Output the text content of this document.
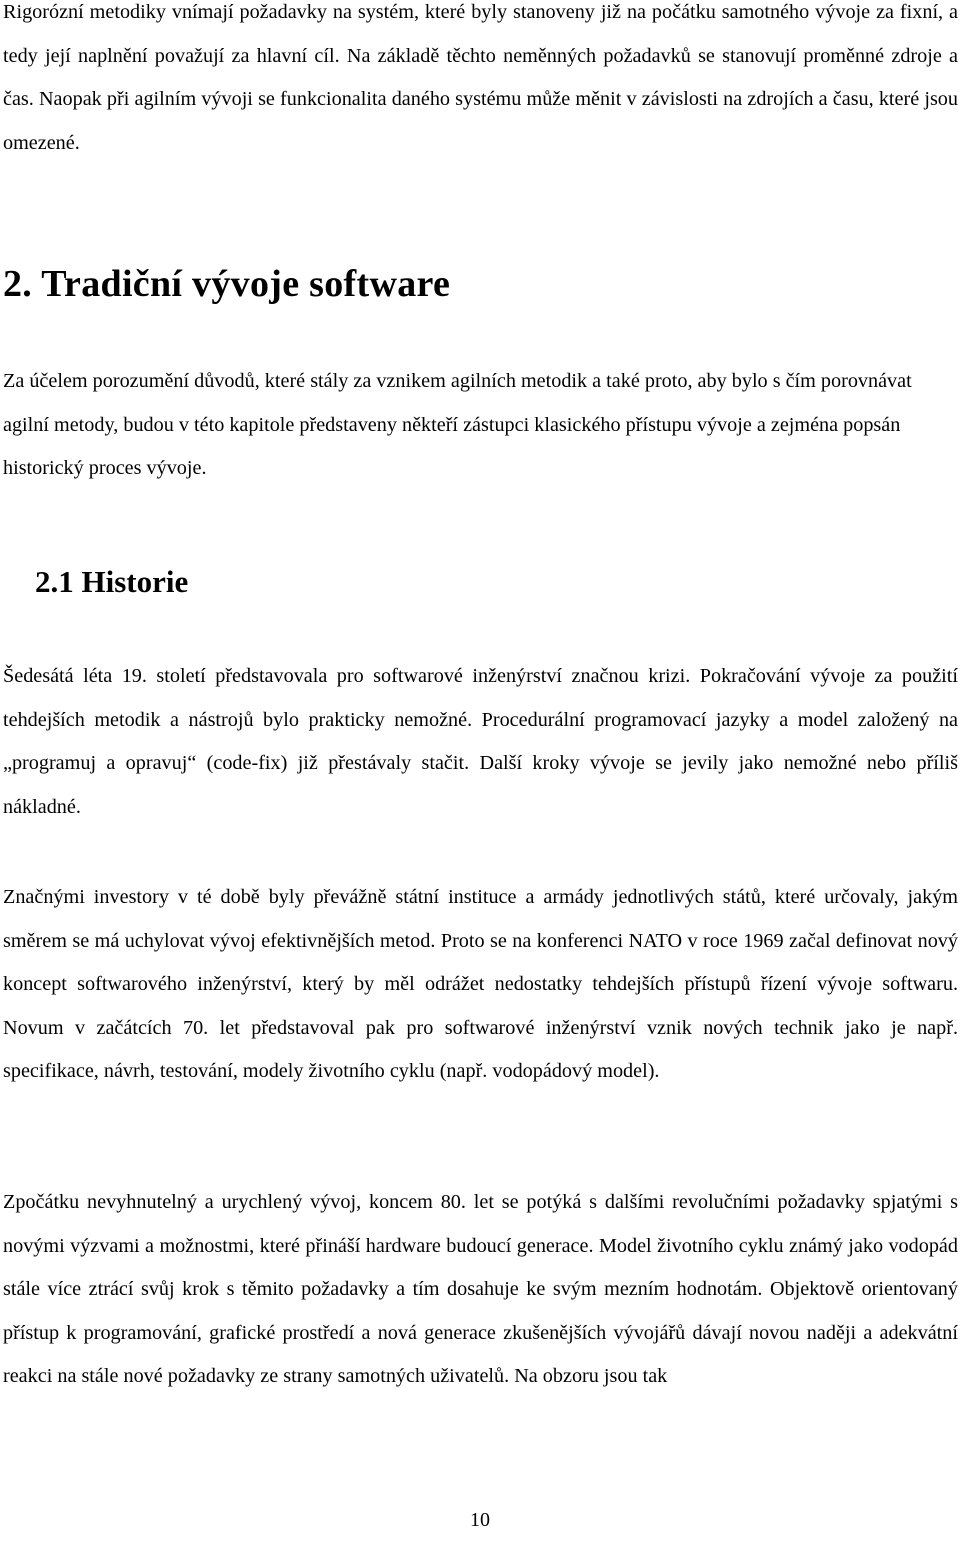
Rigorózní metodiky vnímají požadavky na systém, které byly stanoveny již na počátku samotného vývoje za fixní, a tedy její naplnění považují za hlavní cíl. Na základě těchto neměnných požadavků se stanovují proměnné zdroje a čas. Naopak při agilním vývoji se funkcionalita daného systému může měnit v závislosti na zdrojích a času, které jsou omezené.

2. Tradiční vývoje software

Za účelem porozumění důvodů, které stály za vznikem agilních metodik a také proto, aby bylo s čím porovnávat agilní metody, budou v této kapitole představeny někteří zástupci klasického přístupu vývoje a zejména popsán historický proces vývoje.

2.1 Historie

Šedesátá léta 19. století představovala pro softwarové inženýrství značnou krizi. Pokračování vývoje za použití tehdejších metodik a nástrojů bylo prakticky nemožné. Procedurální programovací jazyky a model založený na „programuj a opravuj“ (code-fix) již přestávaly stačit. Další kroky vývoje se jevily jako nemožné nebo příliš nákladné.

Značnými investory v té době byly převážně státní instituce a armády jednotlivých států, které určovaly, jakým směrem se má uchylovat vývoj efektivnějších metod. Proto se na konferenci NATO v roce 1969 začal definovat nový koncept softwarového inženýrství, který by měl odrážet nedostatky tehdejších přístupů řízení vývoje softwaru. Novum v začátcích 70. let představoval pak pro softwarové inženýrství vznik nových technik jako je např. specifikace, návrh, testování, modely životního cyklu (např. vodopádový model).

Zpočátku nevyhnutelný a urychlený vývoj, koncem 80. let se potýká s dalšími revolučními požadavky spjatými s novými výzvami a možnostmi, které přináší hardware budoucí generace. Model životního cyklu známý jako vodopád stále více ztrácí svůj krok s těmito požadavky a tím dosahuje ke svým mezním hodnotám. Objektově orientovaný přístup k programování, grafické prostředí a nová generace zkušenějších vývojářů dávají novou naději a adekvátní reakci na stále nové požadavky ze strany samotných uživatelů. Na obzoru jsou tak

10
